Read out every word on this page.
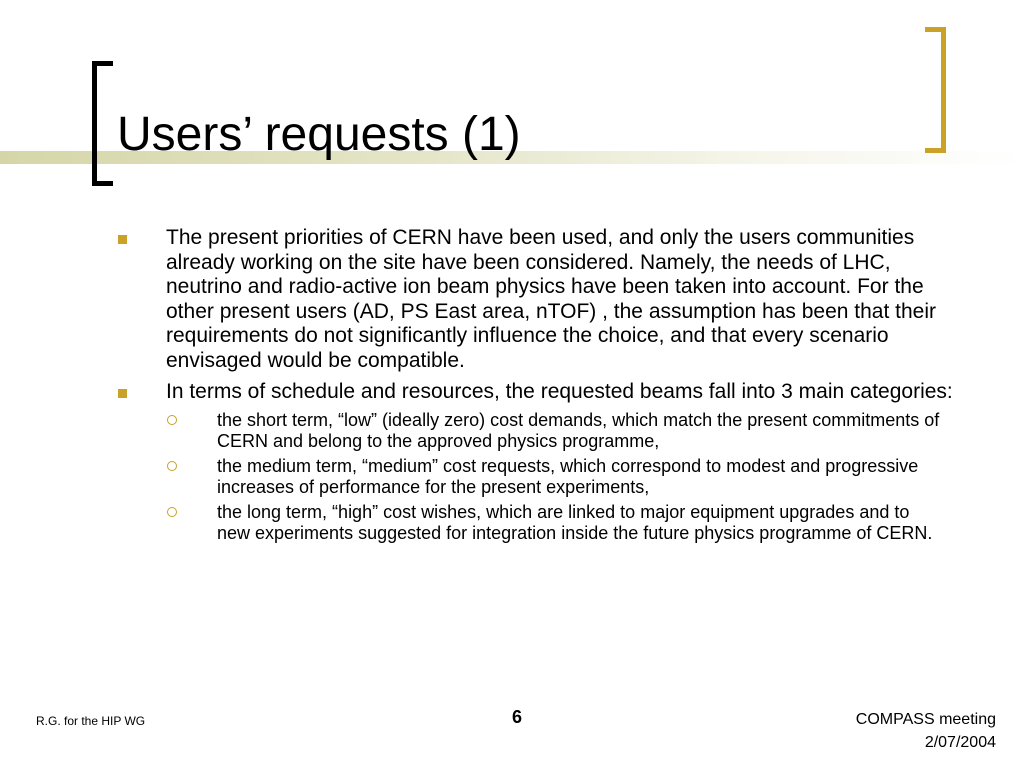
Users’ requests (1)
The present priorities of CERN have been used, and only the users communities already working on the site have been considered. Namely, the needs of LHC, neutrino and radio-active ion beam physics have been taken into account. For the other present users (AD, PS East area, nTOF) , the assumption has been that their requirements do not significantly influence the choice, and that every scenario envisaged would be compatible.
In terms of schedule and resources, the requested beams fall into 3 main categories:
the short term, “low” (ideally zero) cost demands, which match the present commitments of CERN and belong to the approved physics programme,
the medium term, “medium” cost requests, which correspond to modest and progressive increases of performance for the present experiments,
the long term, “high” cost wishes, which are linked to major equipment upgrades and to new experiments suggested for integration inside the future physics programme of CERN.
R.G. for the HIP WG	6	COMPASS meeting
2/07/2004
